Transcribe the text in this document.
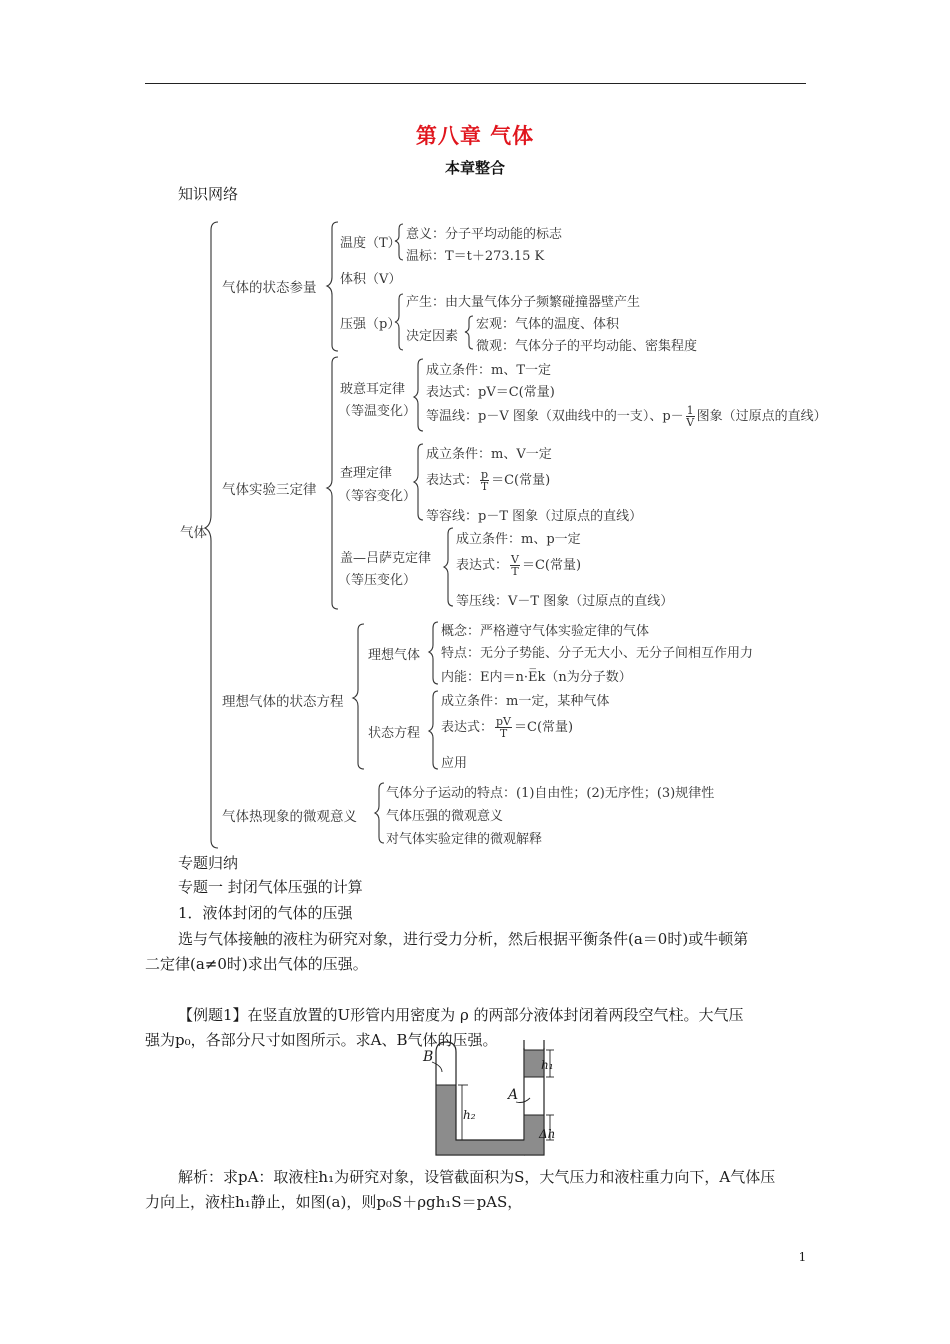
第八章 气体
本章整合
知识网络
气体
气体的状态参量
温度（T）
意义：分子平均动能的标志
温标：T＝t＋273.15 K
体积（V）
压强（p）
产生：由大量气体分子频繁碰撞器壁产生
决定因素
宏观：气体的温度、体积
微观：气体分子的平均动能、密集程度
气体实验三定律
玻意耳定律
（等温变化）
成立条件：m、T一定
表达式：pV＝C(常量)
等温线：p－V 图象（双曲线中的一支）、$p- \frac{1}{V}$ 图象（过原点的直线）
查理定律
（等容变化）
成立条件：m、V一定
表达式： $\frac{p}{T} =C$(常量)
等容线：p－T 图象（过原点的直线）
盖—吕萨克定律
（等压变化）
成立条件：m、p一定
表达式： $\frac{V}{T} =C$(常量)
等压线：V－T 图象（过原点的直线）
理想气体的状态方程
理想气体
概念：严格遵守气体实验定律的气体
特点：无分子势能、分子无大小、无分子间相互作用力
内能：E内＝n·E̅k（n为分子数）
状态方程
成立条件：m一定，某种气体
表达式： $\frac{pV}{T} =C$(常量)
应用
气体热现象的微观意义
气体分子运动的特点：(1)自由性；(2)无序性；(3)规律性
气体压强的微观意义
对气体实验定律的微观解释
专题归纳
专题一 封闭气体压强的计算
1．液体封闭的气体的压强
选与气体接触的液柱为研究对象，进行受力分析，然后根据平衡条件(a＝0时)或牛顿第
二定律(a≠0时)求出气体的压强。
【例题1】在竖直放置的U形管内用密度为 ρ 的两部分液体封闭着两段空气柱。大气压
强为p₀，各部分尺寸如图所示。求A、B气体的压强。
B
A
h₁
h₂
Δh
解析：求pA：取液柱h₁为研究对象，设管截面积为S，大气压力和液柱重力向下，A气体压
力向上，液柱h₁静止，如图(a)，则p₀S＋ρgh₁S＝pAS，
1
